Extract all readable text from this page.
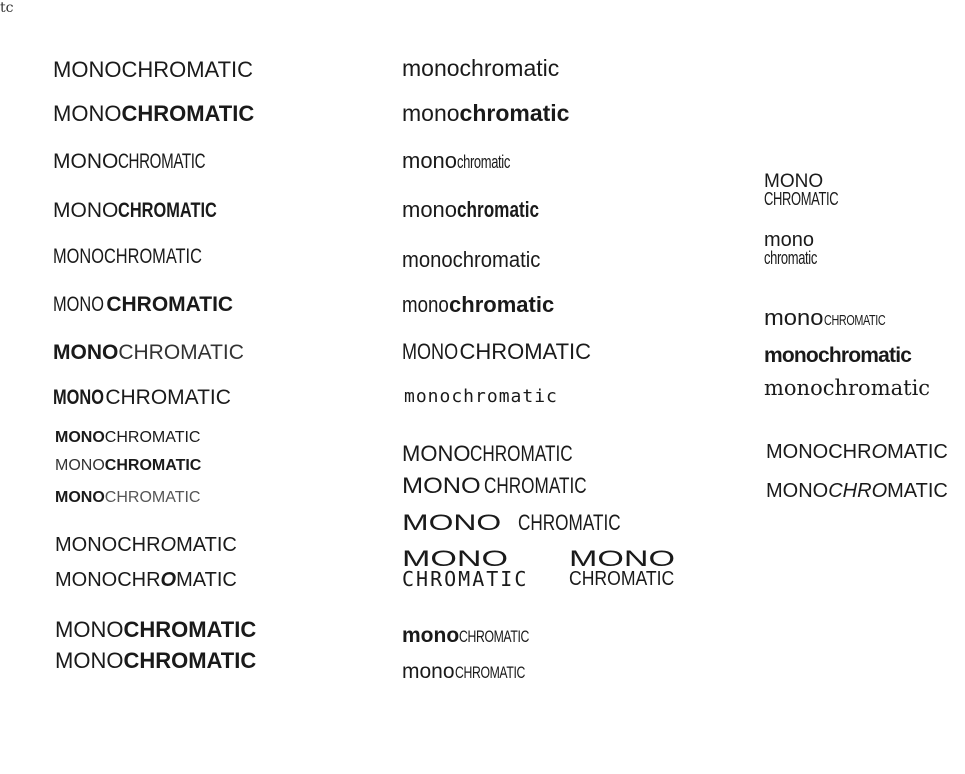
tc
MONOCHROMATIC
MONOCHROMATIC
MONOCHROMATIC
MONOCHROMATIC
MONOCHROMATIC
MONO CHROMATIC
MONOCHROMATIC
MONOCHROMATIC
MONOCHROMATIC
MONOCHROMATIC
MONOCHROMATIC
MONOCHROMATIC
MONOCHROMATIC
MONOCHROMATIC
MONOCHROMATIC
monochromatic
monochromatic
monochromatic
monochromatic
monochromatic
monochromatic
MONOCHROMATIC
monochromatic
MONOCHROMATIC
MONO CHROMATIC
MONO CHROMATIC
MONO
CHROMATIC
MONO
CHROMATIC
monoCHROMATIC
monoCHROMATIC
MONO
CHROMATIC
mono
chromatic
monoCHROMATIC
monochromatic
monochromatic
MONOCHROMATIC
MONOCHROMATIC
